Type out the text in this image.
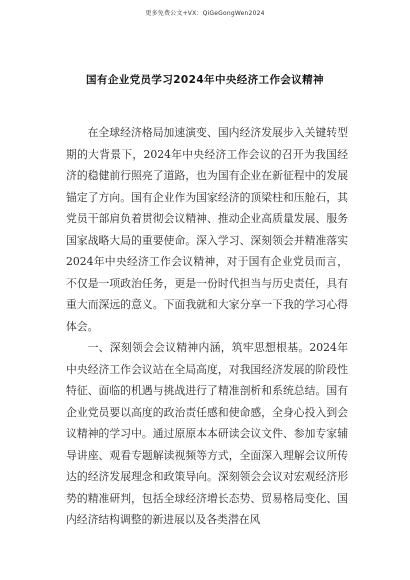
更多免费公文+VX：QiGeGongWen2024
国有企业党员学习2024年中央经济工作会议精神

在全球经济格局加速演变、国内经济发展步入关键转型期的大背景下，2024年中央经济工作会议的召开为我国经济的稳健前行照亮了道路，也为国有企业在新征程中的发展锚定了方向。国有企业作为国家经济的顶梁柱和压舱石，其党员干部肩负着贯彻会议精神、推动企业高质量发展、服务国家战略大局的重要使命。深入学习、深刻领会并精准落实2024年中央经济工作会议精神，对于国有企业党员而言，不仅是一项政治任务，更是一份时代担当与历史责任，具有重大而深远的意义。下面我就和大家分享一下我的学习心得体会。

一、深刻领会会议精神内涵，筑牢思想根基。2024年中央经济工作会议站在全局高度，对我国经济发展的阶段性特征、面临的机遇与挑战进行了精准剖析和系统总结。国有企业党员要以高度的政治责任感和使命感，全身心投入到会议精神的学习中。通过原原本本研读会议文件、参加专家辅导讲座、观看专题解读视频等方式，全面深入理解会议所传达的经济发展理念和政策导向。深刻领会会议对宏观经济形势的精准研判，包括全球经济增长态势、贸易格局变化、国内经济结构调整的新进展以及各类潜在风
